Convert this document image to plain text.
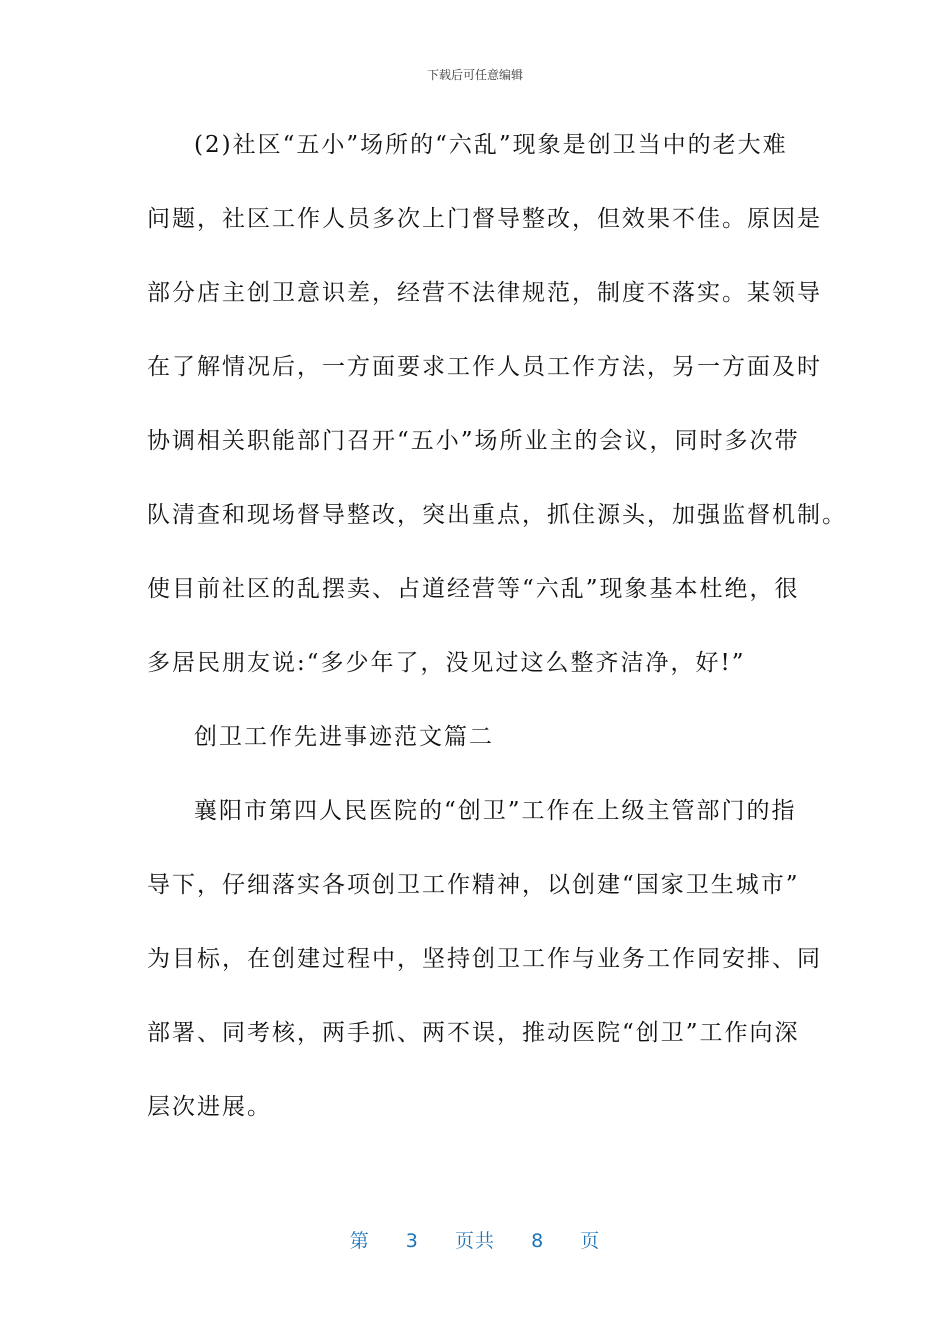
下载后可任意编辑
(2)社区“五小”场所的“六乱”现象是创卫当中的老大难
问题，社区工作人员多次上门督导整改，但效果不佳。原因是
部分店主创卫意识差，经营不法律规范，制度不落实。某领导
在了解情况后，一方面要求工作人员工作方法，另一方面及时
协调相关职能部门召开“五小”场所业主的会议，同时多次带
队清查和现场督导整改，突出重点，抓住源头，加强监督机制。
使目前社区的乱摆卖、占道经营等“六乱”现象基本杜绝，很
多居民朋友说:“多少年了，没见过这么整齐洁净，好!”
创卫工作先进事迹范文篇二
襄阳市第四人民医院的“创卫”工作在上级主管部门的指
导下，仔细落实各项创卫工作精神，以创建“国家卫生城市”
为目标，在创建过程中，坚持创卫工作与业务工作同安排、同
部署、同考核，两手抓、两不误，推动医院“创卫”工作向深
层次进展。
第 3 页共 8 页
